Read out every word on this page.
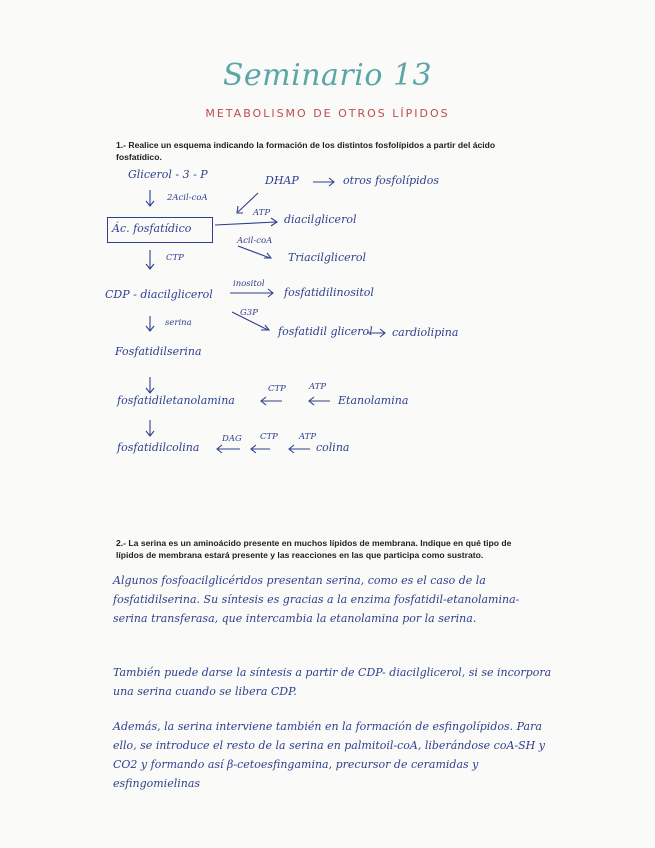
Seminario 13
METABOLISMO DE OTROS LÍPIDOS
1.- Realice un esquema indicando la formación de los distintos fosfolípidos a partir del ácido fosfatídico.
Glicerol - 3 - P
2Acil-coA
Ác. fosfatídico
DHAP	otros fosfolípidos
ATP diacilglicerol
Acil-coA
Triacilglicerol
CTP
CDP - diacilglicerol
inositol
fosfatidilinositol
G3P
fosfatidil glicerol cardiolipina
serina
Fosfatidilserina
fosfatidiletanolamina
CTP	ATP
Etanolamina
fosfatidilcolina
DAG CTP ATP
colina
2.- La serina es un aminoácido presente en muchos lípidos de membrana. Indique en qué tipo de lípidos de membrana estará presente y las reacciones en las que participa como sustrato.
Algunos fosfoacilglicéridos presentan serina, como es el caso de la fosfatidilserina. Su síntesis es gracias a la enzima fosfatidil-etanolamina-serina transferasa, que intercambia la etanolamina por la serina.
También puede darse la síntesis a partir de CDP- diacilglicerol, si se incorpora una serina cuando se libera CDP.
Además, la serina interviene también en la formación de esfingolípidos. Para ello, se introduce el resto de la serina en palmitoil-coA, liberándose coA-SH y CO2 y formando así β-cetoesfingamina, precursor de ceramidas y esfingomielinas
